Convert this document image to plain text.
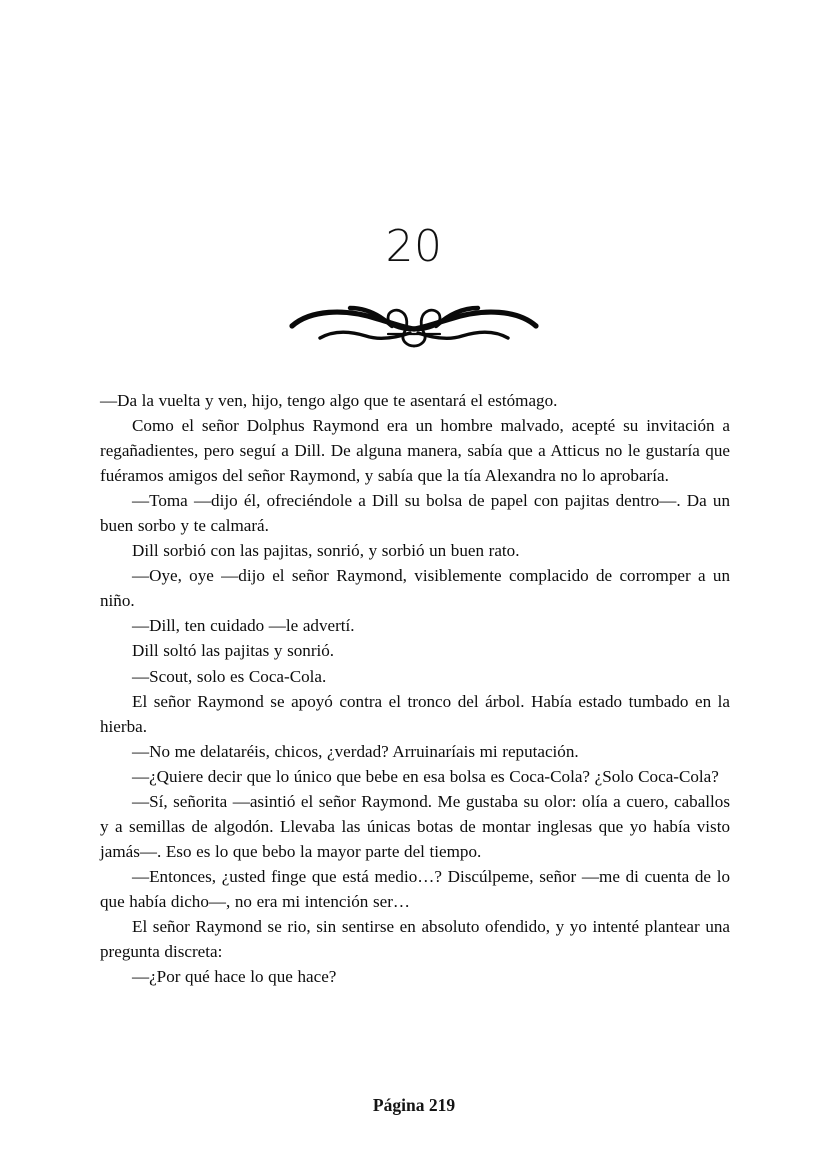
20

—Da la vuelta y ven, hijo, tengo algo que te asentará el estómago.

Como el señor Dolphus Raymond era un hombre malvado, acepté su invitación a regañadientes, pero seguí a Dill. De alguna manera, sabía que a Atticus no le gustaría que fuéramos amigos del señor Raymond, y sabía que la tía Alexandra no lo aprobaría.

—Toma —dijo él, ofreciéndole a Dill su bolsa de papel con pajitas dentro—. Da un buen sorbo y te calmará.

Dill sorbió con las pajitas, sonrió, y sorbió un buen rato.

—Oye, oye —dijo el señor Raymond, visiblemente complacido de corromper a un niño.

—Dill, ten cuidado —le advertí.

Dill soltó las pajitas y sonrió.

—Scout, solo es Coca-Cola.

El señor Raymond se apoyó contra el tronco del árbol. Había estado tumbado en la hierba.

—No me delataréis, chicos, ¿verdad? Arruinaríais mi reputación.

—¿Quiere decir que lo único que bebe en esa bolsa es Coca-Cola? ¿Solo Coca-Cola?

—Sí, señorita —asintió el señor Raymond. Me gustaba su olor: olía a cuero, caballos y a semillas de algodón. Llevaba las únicas botas de montar inglesas que yo había visto jamás—. Eso es lo que bebo la mayor parte del tiempo.

—Entonces, ¿usted finge que está medio…? Discúlpeme, señor —me di cuenta de lo que había dicho—, no era mi intención ser…

El señor Raymond se rio, sin sentirse en absoluto ofendido, y yo intenté plantear una pregunta discreta:

—¿Por qué hace lo que hace?

Página 219
